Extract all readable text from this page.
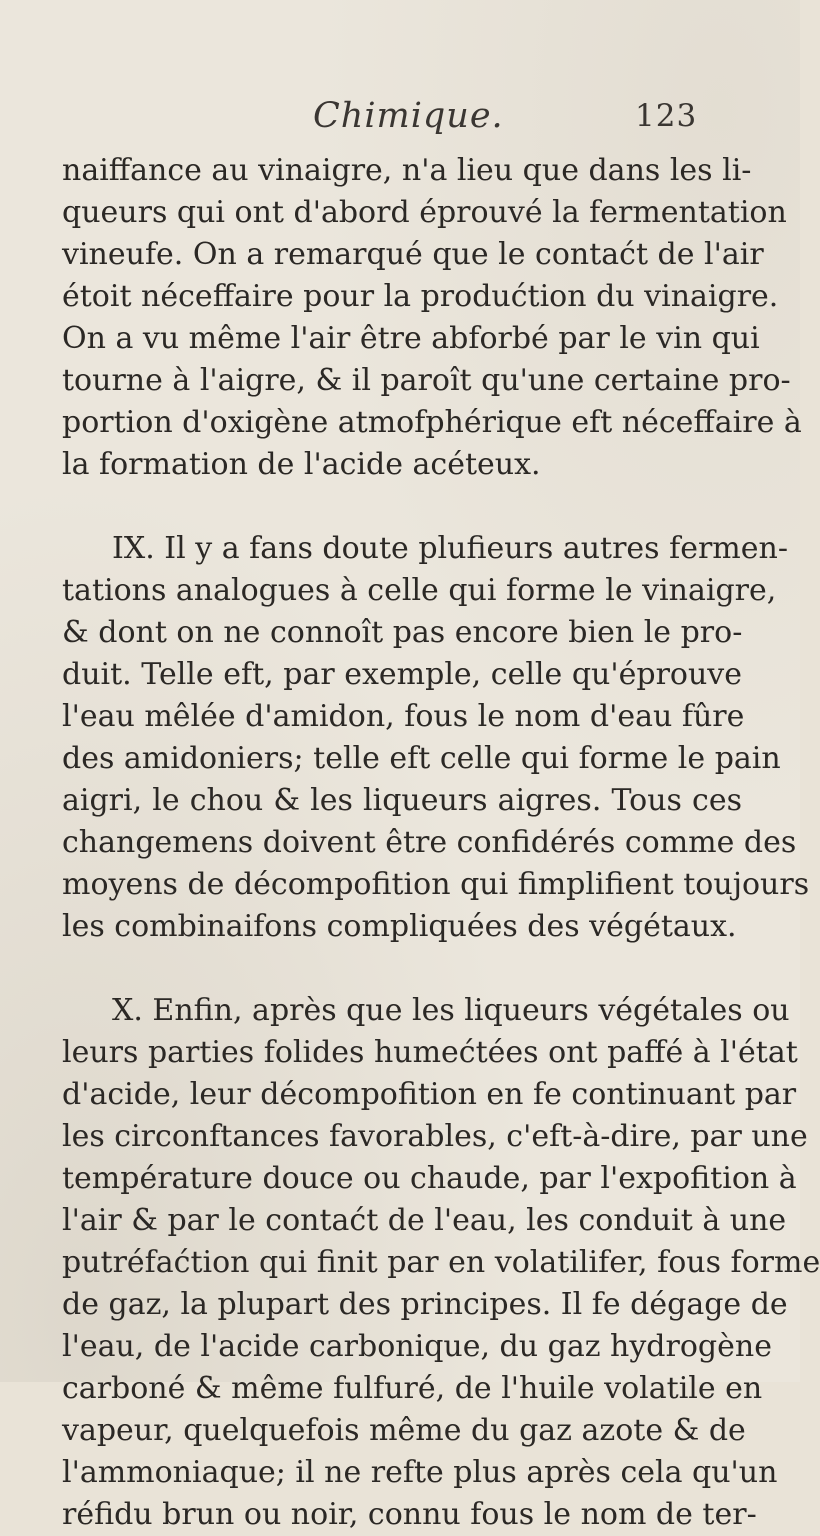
Chimique.	123
naiffance au vinaigre, n'a lieu que dans les li-
queurs qui ont d'abord éprouvé la fermentation
vineufe. On a remarqué que le contaćt de l'air
étoit néceffaire pour la produćtion du vinaigre.
On a vu même l'air être abforbé par le vin qui
tourne à l'aigre, & il paroît qu'une certaine pro-
portion d'oxigène atmofphérique eft néceffaire à
la formation de l'acide acéteux.
IX. Il y a fans doute plufieurs autres fermen-
tations analogues à celle qui forme le vinaigre,
& dont on ne connoît pas encore bien le pro-
duit. Telle eft, par exemple, celle qu'éprouve
l'eau mêlée d'amidon, fous le nom d'eau fûre
des amidoniers; telle eft celle qui forme le pain
aigri, le chou & les liqueurs aigres. Tous ces
changemens doivent être confidérés comme des
moyens de décompofition qui fimplifient toujours
les combinaifons compliquées des végétaux.
X. Enfin, après que les liqueurs végétales ou
leurs parties folides humećtées ont paffé à l'état
d'acide, leur décompofition en fe continuant par
les circonftances favorables, c'eft-à-dire, par une
température douce ou chaude, par l'expofition à
l'air & par le contaćt de l'eau, les conduit à une
putréfaćtion qui finit par en volatilifer, fous forme
de gaz, la plupart des principes. Il fe dégage de
l'eau, de l'acide carbonique, du gaz hydrogène
carboné & même fulfuré, de l'huile volatile en
vapeur, quelquefois même du gaz azote & de
l'ammoniaque; il ne refte plus après cela qu'un
réfidu brun ou noir, connu fous le nom de ter-
